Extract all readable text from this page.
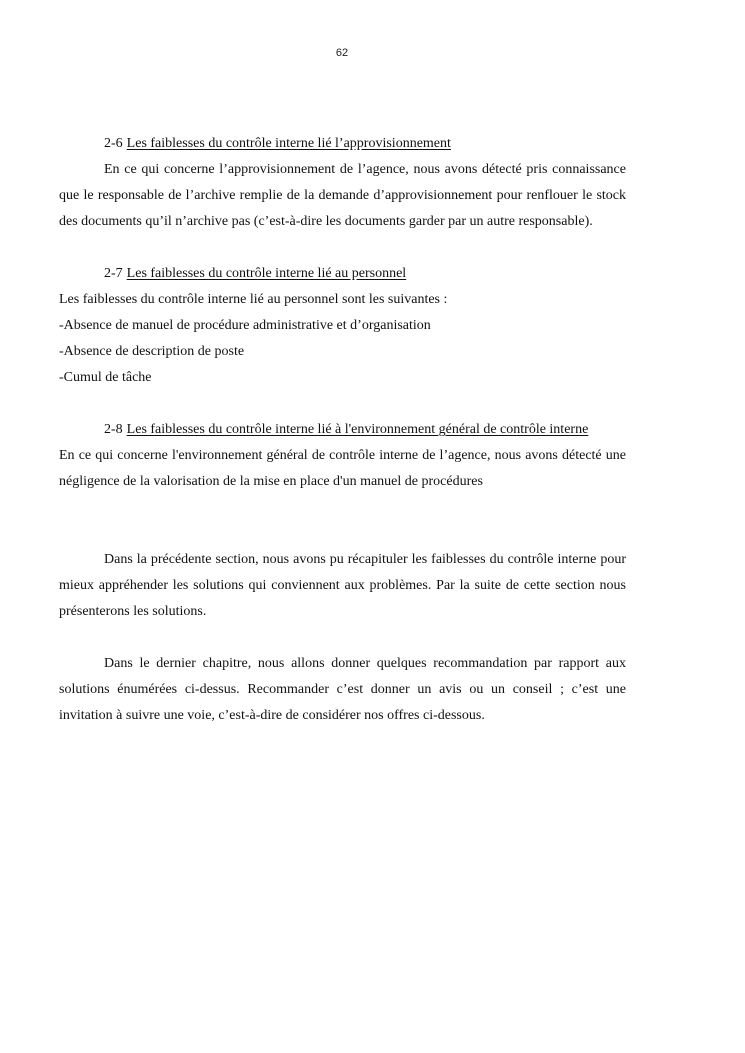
62

2-6 Les faiblesses du contrôle interne lié l’approvisionnement

En ce qui concerne l’approvisionnement de l’agence, nous avons détecté pris connaissance que le responsable de l’archive remplie de la demande d’approvisionnement pour renflouer le stock des documents qu’il n’archive pas (c’est-à-dire les documents garder par un autre responsable).

2-7 Les faiblesses du contrôle interne lié au personnel

Les faiblesses du contrôle interne lié au personnel sont les suivantes :

-Absence de manuel de procédure administrative et d’organisation

-Absence de description de poste

-Cumul de tâche

2-8 Les faiblesses du contrôle interne lié à l'environnement général de contrôle interne

En ce qui concerne l'environnement général de contrôle interne de l’agence, nous avons détecté une négligence de la valorisation de la mise en place d'un manuel de procédures

Dans la précédente section, nous avons pu récapituler les faiblesses du contrôle interne pour mieux appréhender les solutions qui conviennent aux problèmes. Par la suite de cette section nous présenterons les solutions.

Dans le dernier chapitre, nous allons donner quelques recommandation par rapport aux solutions énumérées ci-dessus. Recommander c’est donner un avis ou un conseil ; c’est une invitation à suivre une voie, c’est-à-dire de considérer nos offres ci-dessous.
